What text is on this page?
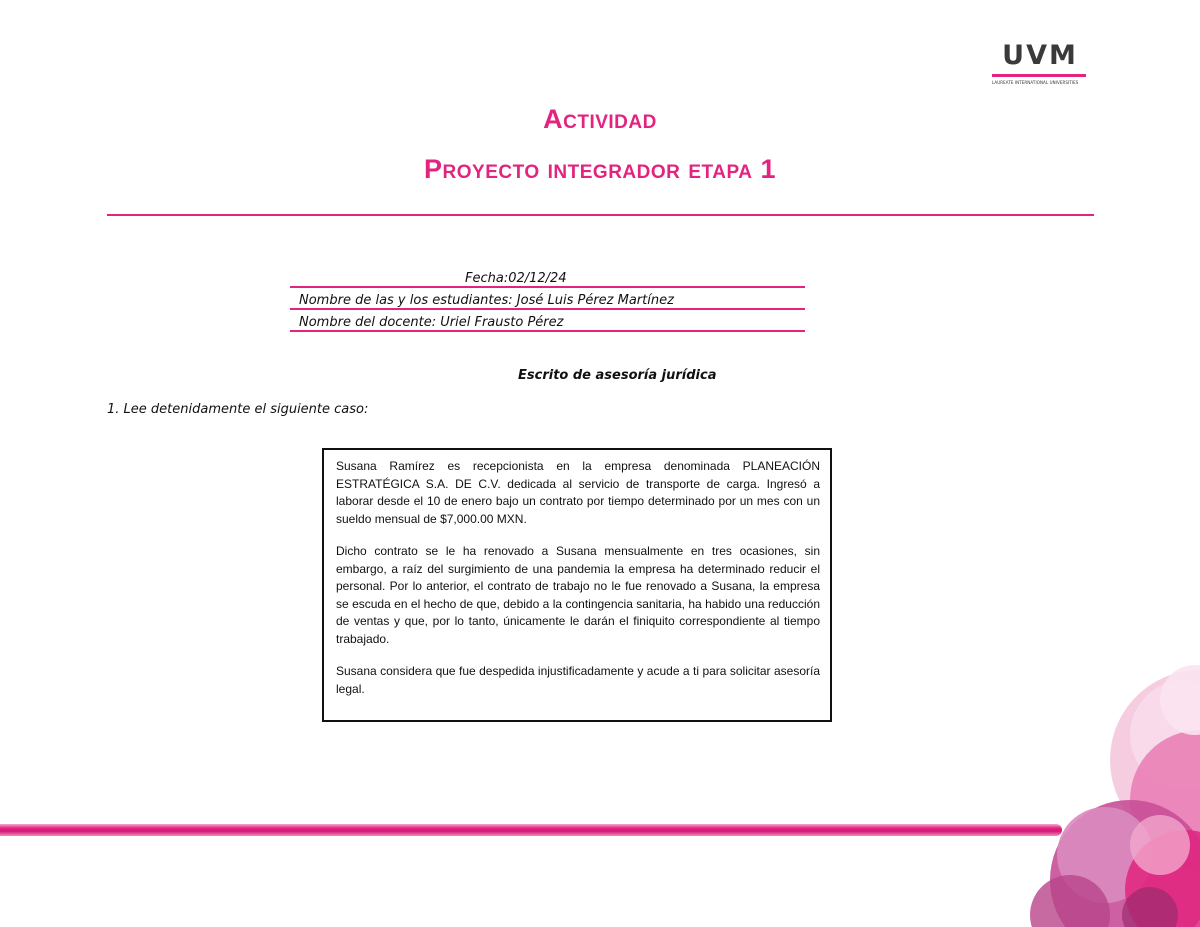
UVM
LAUREATE INTERNATIONAL UNIVERSITIES
Actividad
Proyecto integrador etapa 1
Fecha:02/12/24
Nombre de las y los estudiantes: José Luis Pérez Martínez
Nombre del docente: Uriel Frausto Pérez
Escrito de asesoría jurídica
1. Lee detenidamente el siguiente caso:

Susana Ramírez es recepcionista en la empresa denominada PLANEACIÓN ESTRATÉGICA S.A. DE C.V. dedicada al servicio de transporte de carga. Ingresó a laborar desde el 10 de enero bajo un contrato por tiempo determinado por un mes con un sueldo mensual de $7,000.00 MXN.

Dicho contrato se le ha renovado a Susana mensualmente en tres ocasiones, sin embargo, a raíz del surgimiento de una pandemia la empresa ha determinado reducir el personal. Por lo anterior, el contrato de trabajo no le fue renovado a Susana, la empresa se escuda en el hecho de que, debido a la contingencia sanitaria, ha habido una reducción de ventas y que, por lo tanto, únicamente le darán el finiquito correspondiente al tiempo trabajado.

Susana considera que fue despedida injustificadamente y acude a ti para solicitar asesoría legal.
